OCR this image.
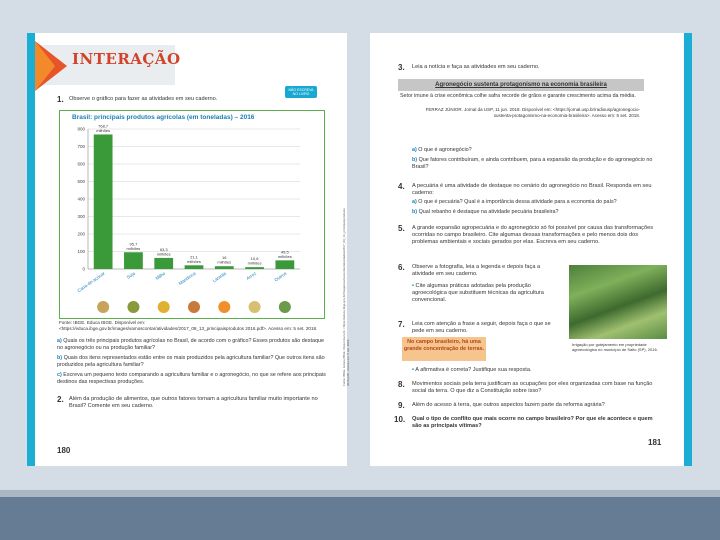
INTERAÇÃO
NÃO ESCREVA NO LIVRO
1. Observe o gráfico para fazer as atividades em seu caderno.
Brasil: principais produtos agrícolas (em toneladas) – 2016
800
700
600
500
400
300
200
100
0
768,7
milhões
Cana-de-açúcar
95,7
milhões
Soja
63,3
milhões
Milho
21,1
milhões
Mandioca
16
milhões
Laranja
10,6
milhões
Arroz
49,5
milhões
Outros	Fonte: IBGE. Educa IBGE. Disponível em: <https://educa.ibge.gov.br/images/vamoscontar/atividades/2017_09_13_principaisprodutos 2016.pdf>. Acesso em: 5 set. 2018.
Fonte: IBGE. Educa IBGE. Disponível em: <https://educa.ibge.gov.br/images/vamoscontar/atividades/2017_09_13_principaisprodutos 2016.pdf>. Acesso em: 5 set. 2018.
a) Quais os três principais produtos agrícolas no Brasil, de acordo com o gráfico? Esses produtos são destaque no agronegócio ou na produção familiar?
b) Quais dos itens representados estão entre os mais produzidos pela agricultura familiar? Que outros itens são produzidos pela agricultura familiar?
c) Escreva um pequeno texto comparando a agricultura familiar e o agronegócio, no que se refere aos principais destinos das respectivas produções.
2. Além da produção de alimentos, que outros fatores tornam a agricultura familiar muito importante no Brasil? Comente em seu caderno.
180
3. Leia a notícia e faça as atividades em seu caderno.
Agronegócio sustenta protagonismo na economia brasileira
Setor imune à crise econômica colhe safra recorde de grãos e garante crescimento acima da média.
FERRAZ JÚNIOR. Jornal da USP, 11 jun. 2018. Disponível em: <https://jornal.usp.br/radiousp/agronegocio-sustenta-protagonismo-na-economia-brasileira>. Acesso em: 5 set. 2018.
a) O que é agronegócio?
b) Que fatores contribuíram, e ainda contribuem, para a expansão da produção e do agronegócio no Brasil?
4. A pecuária é uma atividade de destaque no cenário do agronegócio no Brasil. Responda em seu caderno:
a) O que é pecuária? Qual é a importância dessa atividade para a economia do país?
b) Qual rebanho é destaque na atividade pecuária brasileira?
5. A grande expansão agropecuária e do agronegócio só foi possível por causa das transformações ocorridas no campo brasileiro. Cite algumas dessas transformações e pelo menos dois dos problemas ambientais e sociais gerados por elas. Escreva em seu caderno.
6. Observe a fotografia, leia a legenda e depois faça a atividade em seu caderno.
• Cite algumas práticas adotadas pela produção agroecológica que substituem técnicas da agricultura convencional.
Irrigação por gotejamento em propriedade agroecológica no município de Salto (SP), 2016.
7. Leia com atenção a frase a seguir, depois faça o que se pede em seu caderno.
No campo brasileiro, há uma grande concentração de terras.
• A afirmativa é correta? Justifique sua resposta.
8. Movimentos sociais pela terra justificam as ocupações por eles organizadas com base na função social da terra. O que diz a Constituição sobre isso?
9. Além do acesso à terra, que outros aspectos fazem parte da reforma agrária?
10. Qual o tipo de conflito que mais ocorre no campo brasileiro? Por que ele acontece e quem são as principais vítimas?
181
